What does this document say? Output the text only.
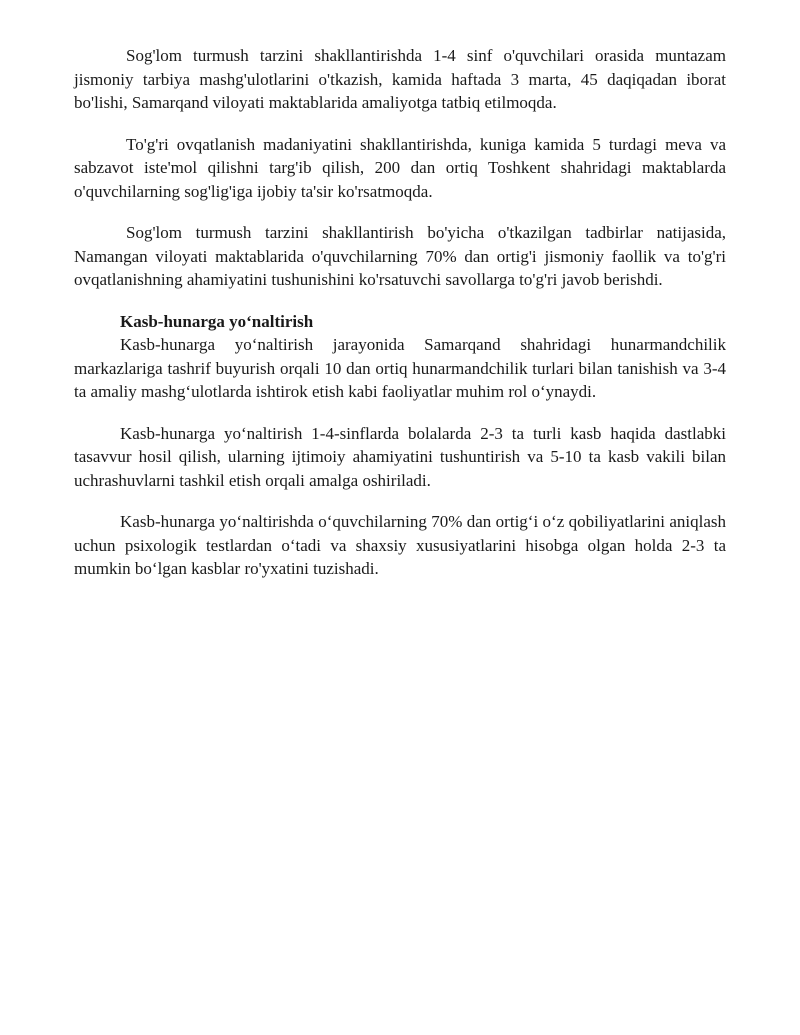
Sog'lom turmush tarzini shakllantirishda 1-4 sinf o'quvchilari orasida muntazam jismoniy tarbiya mashg'ulotlarini o'tkazish, kamida haftada 3 marta, 45 daqiqadan iborat bo'lishi, Samarqand viloyati maktablarida amaliyotga tatbiq etilmoqda.

To'g'ri ovqatlanish madaniyatini shakllantirishda, kuniga kamida 5 turdagi meva va sabzavot iste'mol qilishni targ'ib qilish, 200 dan ortiq Toshkent shahridagi maktablarda o'quvchilarning sog'lig'iga ijobiy ta'sir ko'rsatmoqda.

Sog'lom turmush tarzini shakllantirish bo'yicha o'tkazilgan tadbirlar natijasida, Namangan viloyati maktablarida o'quvchilarning 70% dan ortig'i jismoniy faollik va to'g'ri ovqatlanishning ahamiyatini tushunishini ko'rsatuvchi savollarga to'g'ri javob berishdi.

Kasb-hunarga yo‘naltirish

Kasb-hunarga yo‘naltirish jarayonida Samarqand shahridagi hunarmandchilik markazlariga tashrif buyurish orqali 10 dan ortiq hunarmandchilik turlari bilan tanishish va 3-4 ta amaliy mashg‘ulotlarda ishtirok etish kabi faoliyatlar muhim rol o‘ynaydi.

Kasb-hunarga yo‘naltirish 1-4-sinflarda bolalarda 2-3 ta turli kasb haqida dastlabki tasavvur hosil qilish, ularning ijtimoiy ahamiyatini tushuntirish va 5-10 ta kasb vakili bilan uchrashuvlarni tashkil etish orqali amalga oshiriladi.

Kasb-hunarga yo‘naltirishda o‘quvchilarning 70% dan ortig‘i o‘z qobiliyatlarini aniqlash uchun psixologik testlardan o‘tadi va shaxsiy xususiyatlarini hisobga olgan holda 2-3 ta mumkin bo‘lgan kasblar ro'yxatini tuzishadi.
